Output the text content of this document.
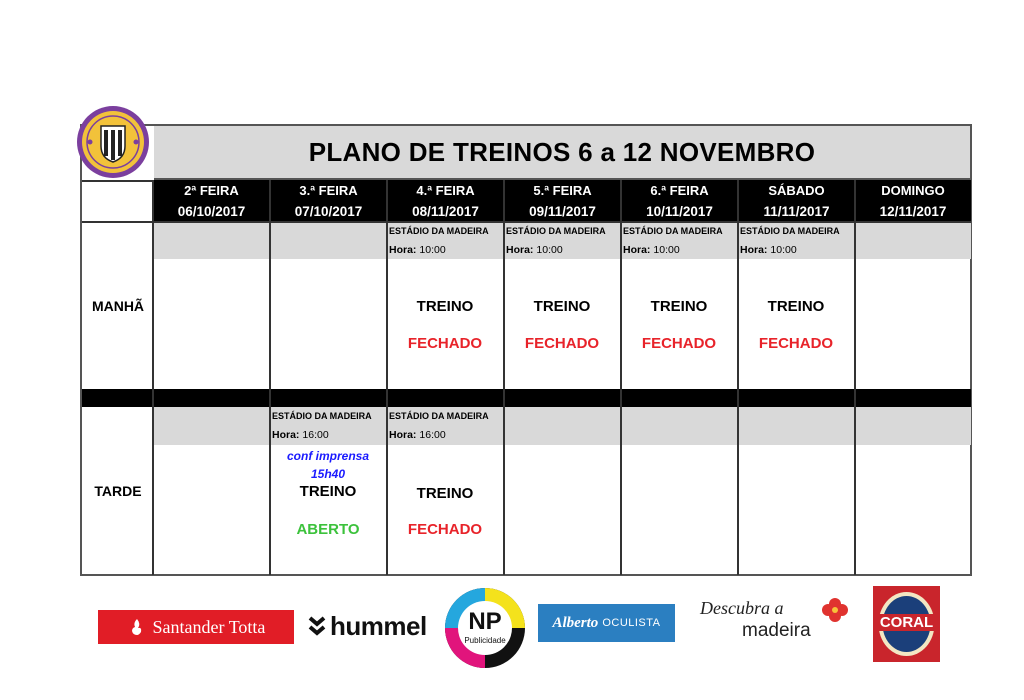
PLANO DE TREINOS 6 a 12 NOVEMBRO
2ª FEIRA
06/10/2017
3.ª FEIRA
07/10/2017
4.ª FEIRA
08/11/2017
5.ª FEIRA
09/11/2017
6.ª FEIRA
10/11/2017
SÁBADO
11/11/2017
DOMINGO
12/11/2017
MANHÃ
TARDE
ESTÁDIO DA MADEIRA
Hora: 10:00
TREINO
FECHADO
ESTÁDIO DA MADEIRA
Hora: 10:00
TREINO
FECHADO
ESTÁDIO DA MADEIRA
Hora: 10:00
TREINO
FECHADO
ESTÁDIO DA MADEIRA
Hora: 10:00
TREINO
FECHADO
ESTÁDIO DA MADEIRA
Hora: 16:00
conf imprensa
15h40
TREINO
ABERTO
ESTÁDIO DA MADEIRA
Hora: 16:00
TREINO
FECHADO
Santander Totta hummel	NP
Publicidade
Alberto OCULISTA
Descubra a
madeira	CORAL
